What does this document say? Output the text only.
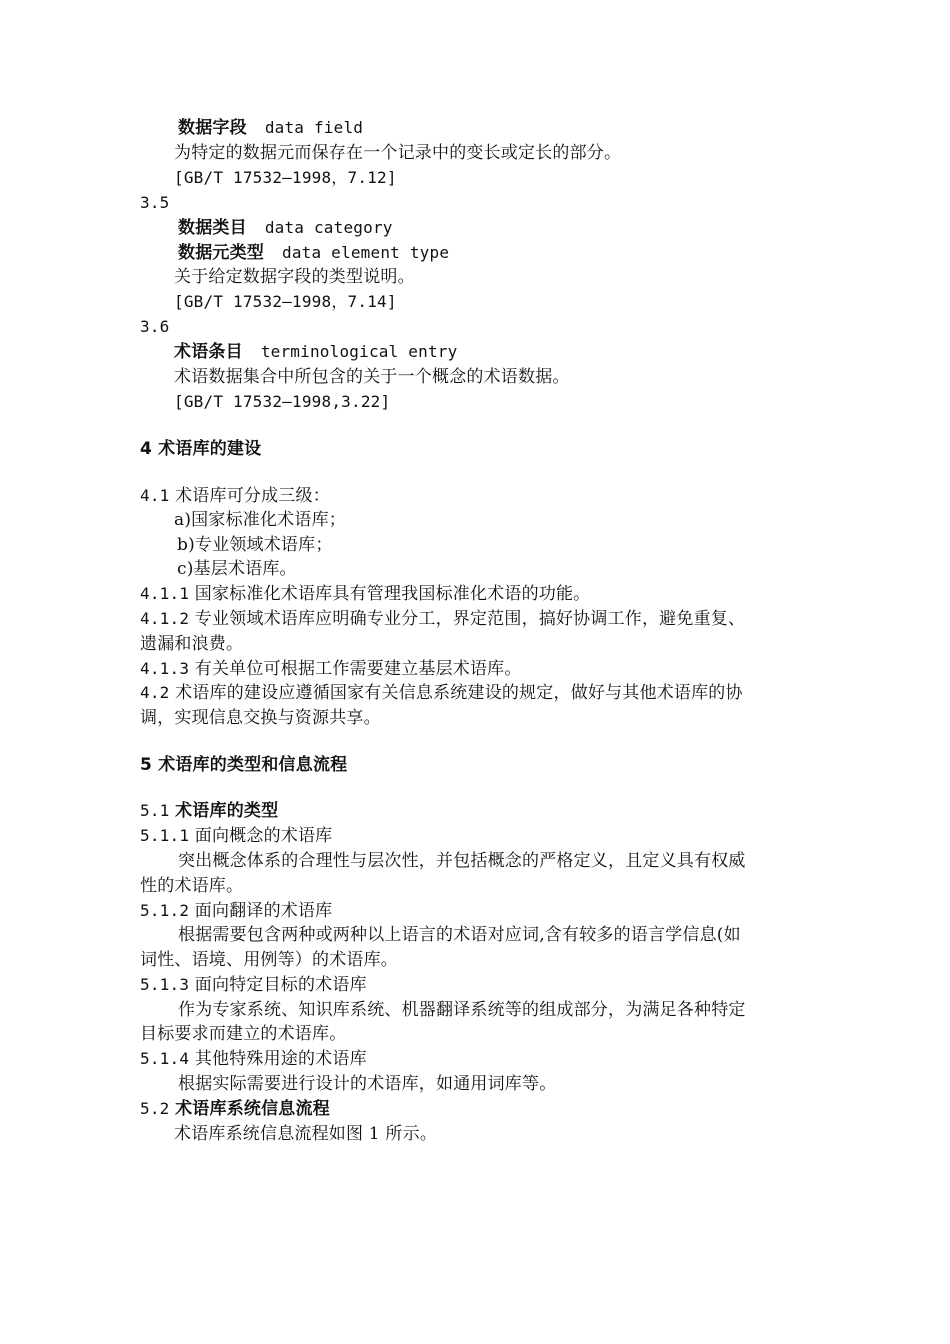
数据字段 data field
为特定的数据元而保存在一个记录中的变长或定长的部分。
[GB/T 17532—1998，7.12]
3.5
数据类目 data category
数据元类型 data element type
关于给定数据字段的类型说明。
[GB/T 17532—1998，7.14]
3.6
术语条目 terminological entry
术语数据集合中所包含的关于一个概念的术语数据。
[GB/T 17532—1998,3.22]
4 术语库的建设
4.1 术语库可分成三级：
a)国家标准化术语库；
b)专业领域术语库；
c)基层术语库。
4.1.1 国家标准化术语库具有管理我国标准化术语的功能。
4.1.2 专业领域术语库应明确专业分工，界定范围，搞好协调工作，避免重复、
遗漏和浪费。
4.1.3 有关单位可根据工作需要建立基层术语库。
4.2 术语库的建设应遵循国家有关信息系统建设的规定，做好与其他术语库的协
调，实现信息交换与资源共享。
5 术语库的类型和信息流程
5.1 术语库的类型
5.1.1 面向概念的术语库
突出概念体系的合理性与层次性，并包括概念的严格定义，且定义具有权威
性的术语库。
5.1.2 面向翻译的术语库
根据需要包含两种或两种以上语言的术语对应词,含有较多的语言学信息(如
词性、语境、用例等）的术语库。
5.1.3 面向特定目标的术语库
作为专家系统、知识库系统、机器翻译系统等的组成部分，为满足各种特定
目标要求而建立的术语库。
5.1.4 其他特殊用途的术语库
根据实际需要进行设计的术语库，如通用词库等。
5.2 术语库系统信息流程
术语库系统信息流程如图 1 所示。
